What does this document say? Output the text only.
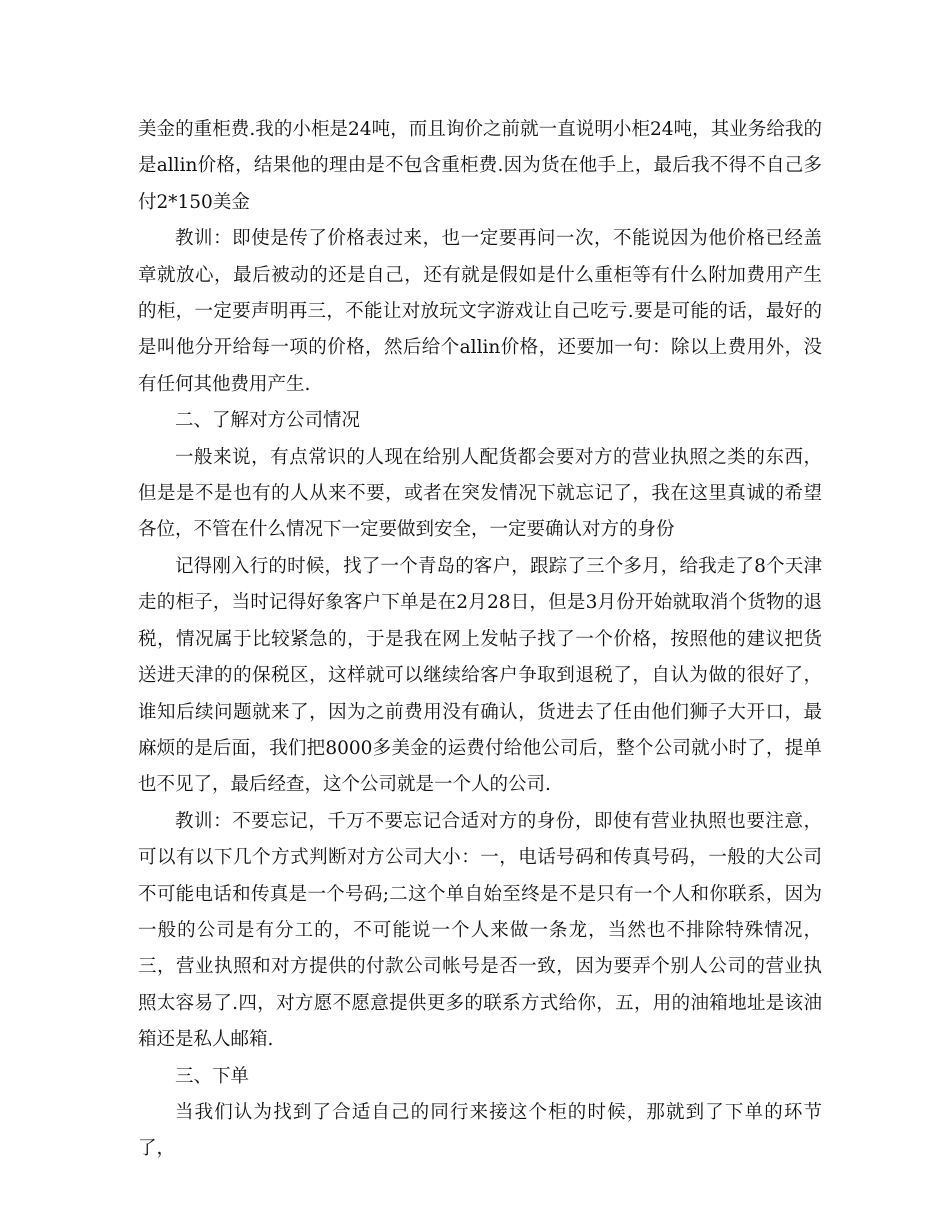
美金的重柜费.我的小柜是24吨，而且询价之前就一直说明小柜24吨，其业务给我的是allin价格，结果他的理由是不包含重柜费.因为货在他手上，最后我不得不自己多付2*150美金

教训：即使是传了价格表过来，也一定要再问一次，不能说因为他价格已经盖章就放心，最后被动的还是自己，还有就是假如是什么重柜等有什么附加费用产生的柜，一定要声明再三，不能让对放玩文字游戏让自己吃亏.要是可能的话，最好的是叫他分开给每一项的价格，然后给个allin价格，还要加一句：除以上费用外，没有任何其他费用产生.

二、了解对方公司情况

一般来说，有点常识的人现在给别人配货都会要对方的营业执照之类的东西，但是是不是也有的人从来不要，或者在突发情况下就忘记了，我在这里真诚的希望各位，不管在什么情况下一定要做到安全，一定要确认对方的身份

记得刚入行的时候，找了一个青岛的客户，跟踪了三个多月，给我走了8个天津走的柜子，当时记得好象客户下单是在2月28日，但是3月份开始就取消个货物的退税，情况属于比较紧急的，于是我在网上发帖子找了一个价格，按照他的建议把货送进天津的的保税区，这样就可以继续给客户争取到退税了，自认为做的很好了，谁知后续问题就来了，因为之前费用没有确认，货进去了任由他们狮子大开口，最麻烦的是后面，我们把8000多美金的运费付给他公司后，整个公司就小时了，提单也不见了，最后经查，这个公司就是一个人的公司.

教训：不要忘记，千万不要忘记合适对方的身份，即使有营业执照也要注意，可以有以下几个方式判断对方公司大小：一，电话号码和传真号码，一般的大公司不可能电话和传真是一个号码;二这个单自始至终是不是只有一个人和你联系，因为一般的公司是有分工的，不可能说一个人来做一条龙，当然也不排除特殊情况，三，营业执照和对方提供的付款公司帐号是否一致，因为要弄个别人公司的营业执照太容易了.四，对方愿不愿意提供更多的联系方式给你，五，用的油箱地址是该油箱还是私人邮箱.

三、下单

当我们认为找到了合适自己的同行来接这个柜的时候，那就到了下单的环节了，
